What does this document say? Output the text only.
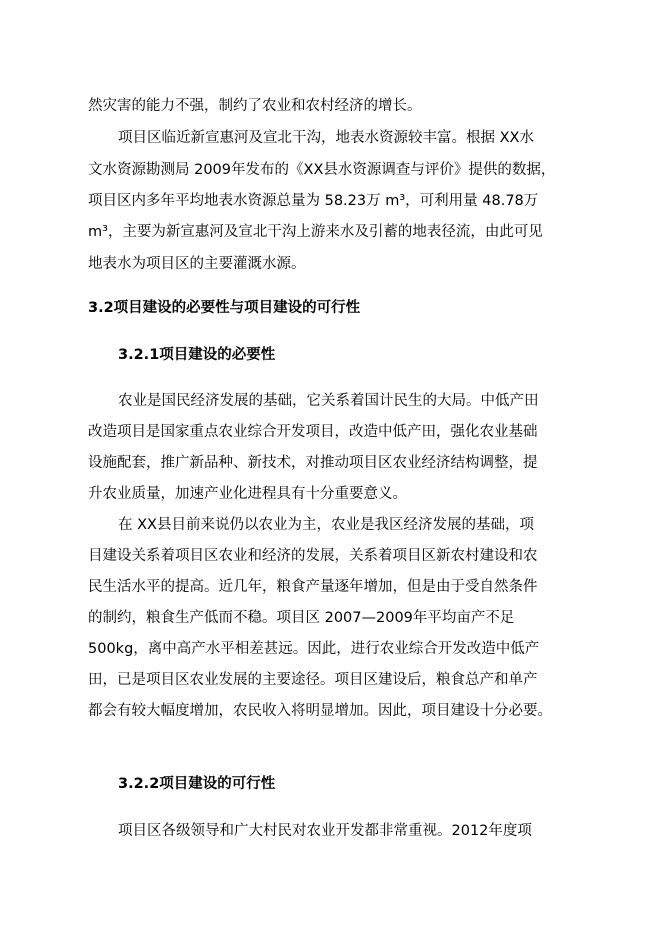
然灾害的能力不强，制约了农业和农村经济的增长。
项目区临近新宣惠河及宣北干沟，地表水资源较丰富。根据 XX水
文水资源勘测局 2009年发布的《XX县水资源调查与评价》提供的数据，
项目区内多年平均地表水资源总量为 58.23万 m³，可利用量 48.78万
m³，主要为新宣惠河及宣北干沟上游来水及引蓄的地表径流，由此可见
地表水为项目区的主要灌溉水源。
3.2项目建设的必要性与项目建设的可行性
3.2.1项目建设的必要性
农业是国民经济发展的基础，它关系着国计民生的大局。中低产田
改造项目是国家重点农业综合开发项目，改造中低产田，强化农业基础
设施配套，推广新品种、新技术，对推动项目区农业经济结构调整，提
升农业质量，加速产业化进程具有十分重要意义。
在 XX县目前来说仍以农业为主，农业是我区经济发展的基础，项
目建设关系着项目区农业和经济的发展，关系着项目区新农村建设和农
民生活水平的提高。近几年，粮食产量逐年增加，但是由于受自然条件
的制约，粮食生产低而不稳。项目区 2007—2009年平均亩产不足
500kg，离中高产水平相差甚远。因此，进行农业综合开发改造中低产
田，已是项目区农业发展的主要途径。项目区建设后，粮食总产和单产
都会有较大幅度增加，农民收入将明显增加。因此，项目建设十分必要。
3.2.2项目建设的可行性
项目区各级领导和广大村民对农业开发都非常重视。2012年度项
